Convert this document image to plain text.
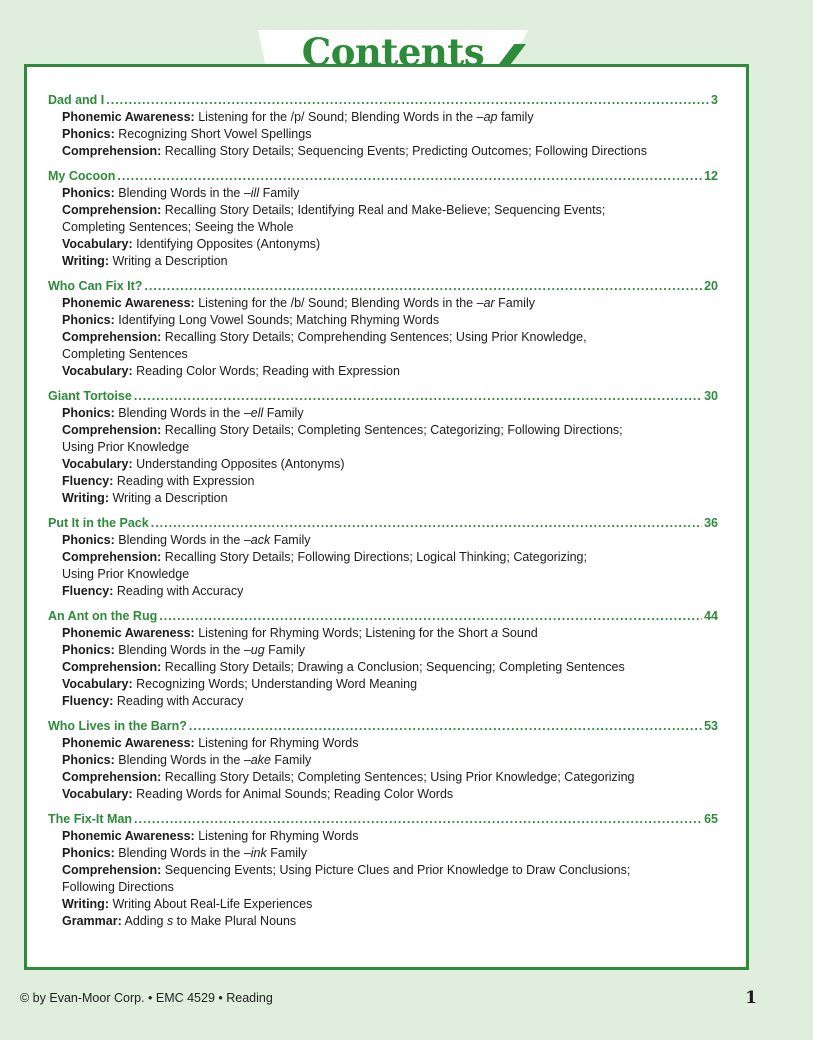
Contents
Dad and I .....	3
Phonemic Awareness: Listening for the /p/ Sound; Blending Words in the –ap family
Phonics: Recognizing Short Vowel Spellings
Comprehension: Recalling Story Details; Sequencing Events; Predicting Outcomes; Following Directions
My Cocoon .....	12
Phonics: Blending Words in the –ill Family
Comprehension: Recalling Story Details; Identifying Real and Make-Believe; Sequencing Events;
Completing Sentences; Seeing the Whole
Vocabulary: Identifying Opposites (Antonyms)
Writing: Writing a Description
Who Can Fix It? .....	20
Phonemic Awareness: Listening for the /b/ Sound; Blending Words in the –ar Family
Phonics: Identifying Long Vowel Sounds; Matching Rhyming Words
Comprehension: Recalling Story Details; Comprehending Sentences; Using Prior Knowledge,
Completing Sentences
Vocabulary: Reading Color Words; Reading with Expression
Giant Tortoise .....	30
Phonics: Blending Words in the –ell Family
Comprehension: Recalling Story Details; Completing Sentences; Categorizing; Following Directions;
Using Prior Knowledge
Vocabulary: Understanding Opposites (Antonyms)
Fluency: Reading with Expression
Writing: Writing a Description
Put It in the Pack .....	36
Phonics: Blending Words in the –ack Family
Comprehension: Recalling Story Details; Following Directions; Logical Thinking; Categorizing;
Using Prior Knowledge
Fluency: Reading with Accuracy
An Ant on the Rug .....	44
Phonemic Awareness: Listening for Rhyming Words; Listening for the Short a Sound
Phonics: Blending Words in the –ug Family
Comprehension: Recalling Story Details; Drawing a Conclusion; Sequencing; Completing Sentences
Vocabulary: Recognizing Words; Understanding Word Meaning
Fluency: Reading with Accuracy
Who Lives in the Barn? .....	53
Phonemic Awareness: Listening for Rhyming Words
Phonics: Blending Words in the –ake Family
Comprehension: Recalling Story Details; Completing Sentences; Using Prior Knowledge; Categorizing
Vocabulary: Reading Words for Animal Sounds; Reading Color Words
The Fix-It Man .....	65
Phonemic Awareness: Listening for Rhyming Words
Phonics: Blending Words in the –ink Family
Comprehension: Sequencing Events; Using Picture Clues and Prior Knowledge to Draw Conclusions;
Following Directions
Writing: Writing About Real-Life Experiences
Grammar: Adding s to Make Plural Nouns
© by Evan-Moor Corp. • EMC 4529 • Reading	1
